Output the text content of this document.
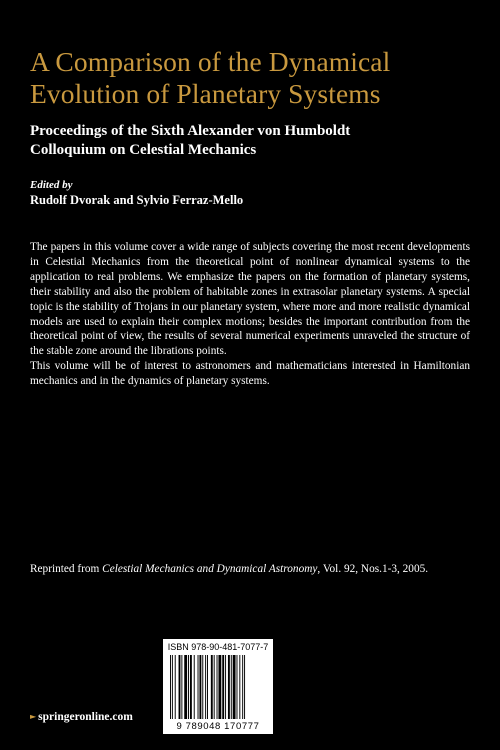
A Comparison of the Dynamical
Evolution of Planetary Systems
Proceedings of the Sixth Alexander von Humboldt
Colloquium on Celestial Mechanics
Edited by
Rudolf Dvorak and Sylvio Ferraz-Mello

The papers in this volume cover a wide range of subjects covering the most recent developments in Celestial Mechanics from the theoretical point of nonlinear dynamical systems to the application to real problems. We emphasize the papers on the formation of planetary systems, their stability and also the problem of habitable zones in extrasolar planetary systems. A special topic is the stability of Trojans in our planetary system, where more and more realistic dynamical models are used to explain their complex motions; besides the important contribution from the theoretical point of view, the results of several numerical experiments unraveled the structure of the stable zone around the librations points.

This volume will be of interest to astronomers and mathematicians interested in Hamiltonian mechanics and in the dynamics of planetary systems.

Reprinted from Celestial Mechanics and Dynamical Astronomy, Vol. 92, Nos.1-3, 2005.
ISBN 978-90-481-7077-7
9 789048 170777
► springeronline.com
